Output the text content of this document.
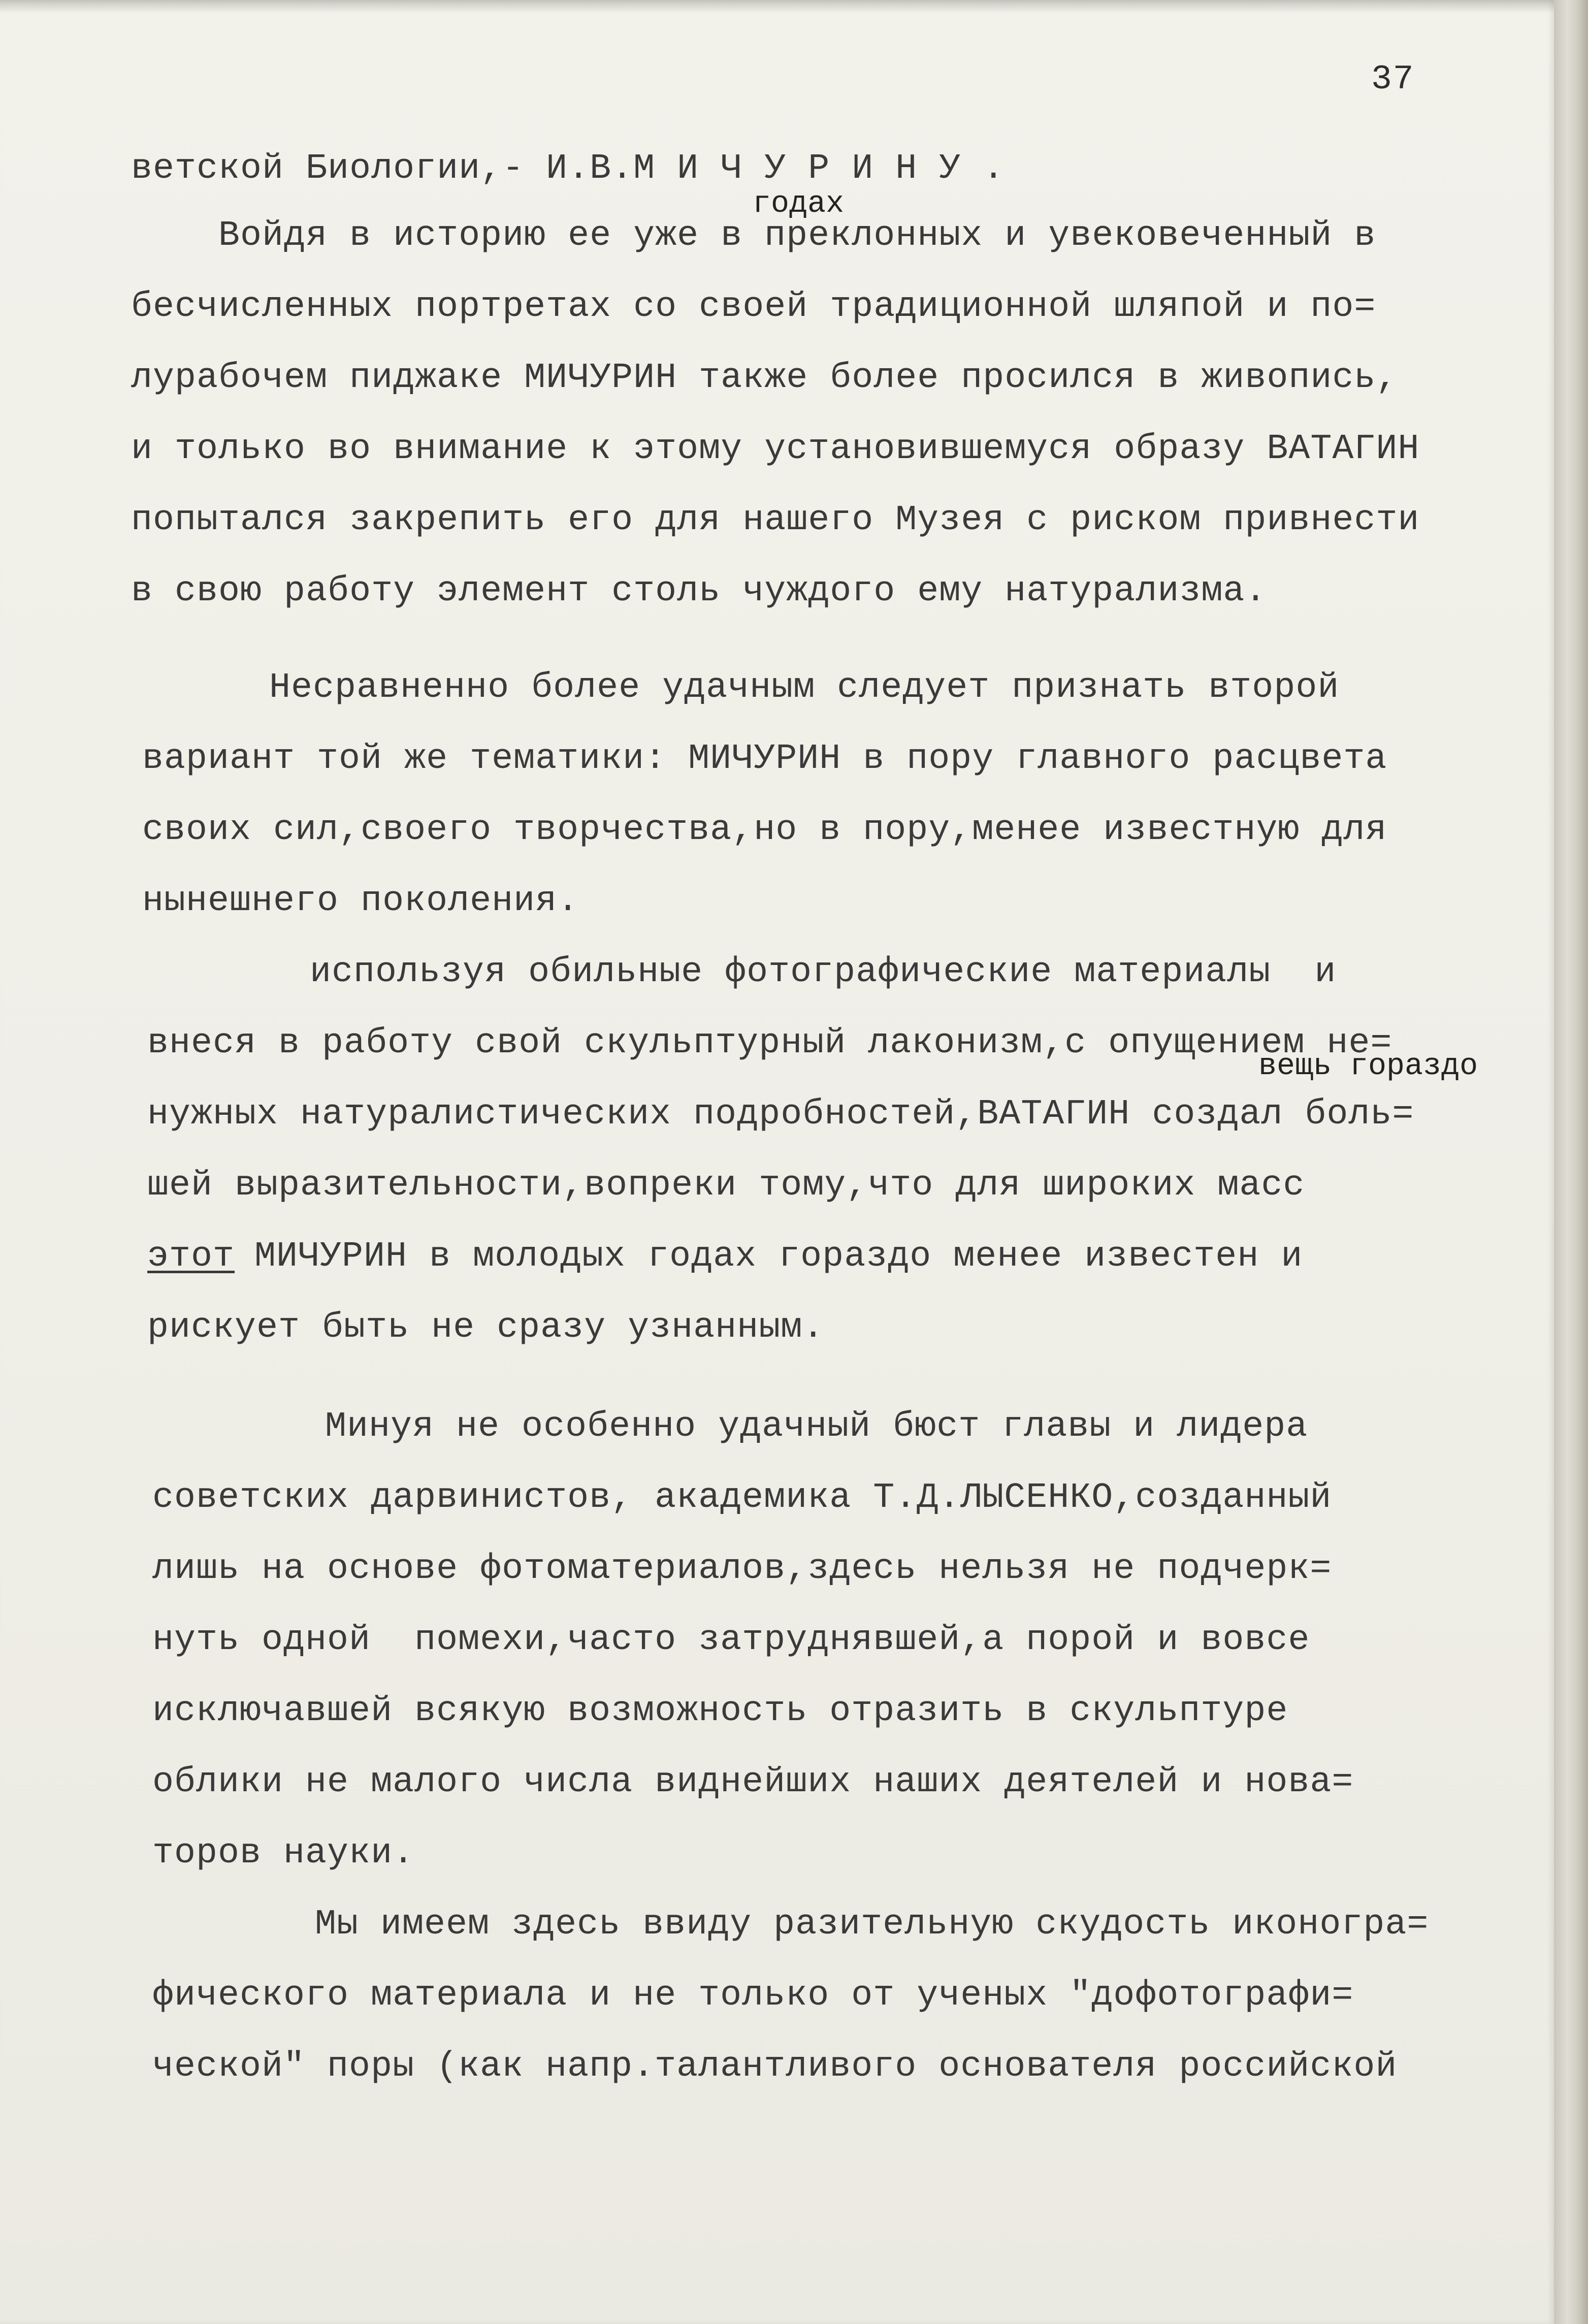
37
ветской Биологии,- И.В.М И Ч У Р И Н У .
годах
Войдя в историю ее уже в преклонных и увековеченный в
бесчисленных портретах со своей традиционной шляпой и по=
лурабочем пиджаке МИЧУРИН также более просился в живопись,
и только во внимание к этому установившемуся образу ВАТАГИН
попытался закрепить его для нашего Музея с риском привнести
в свою работу элемент столь чуждого ему натурализма.
Несравненно более удачным следует признать второй
вариант той же тематики: МИЧУРИН в пору главного расцвета
своих сил,своего творчества,но в пору,менее известную для
нынешнего поколения.
используя обильные фотографические материалы  и
внеся в работу свой скульптурный лаконизм,с опущением не=
вещь гораздо
нужных натуралистических подробностей,ВАТАГИН создал боль=
шей выразительности,вопреки тому,что для широких масс
этот
МИЧУРИН в молодых годах гораздо менее известен и
рискует быть не сразу узнанным.
Минуя не особенно удачный бюст главы и лидера
советских дарвинистов, академика Т.Д.ЛЫСЕНКО,созданный
лишь на основе фотоматериалов,здесь нельзя не подчерк=
нуть одной  помехи,часто затруднявшей,а порой и вовсе
исключавшей всякую возможность отразить в скульптуре
облики не малого числа виднейших наших деятелей и нова=
торов науки.
Мы имеем здесь ввиду разительную скудость иконогра=
фического материала и не только от ученых "дофотографи=
ческой" поры (как напр.талантливого основателя российской
